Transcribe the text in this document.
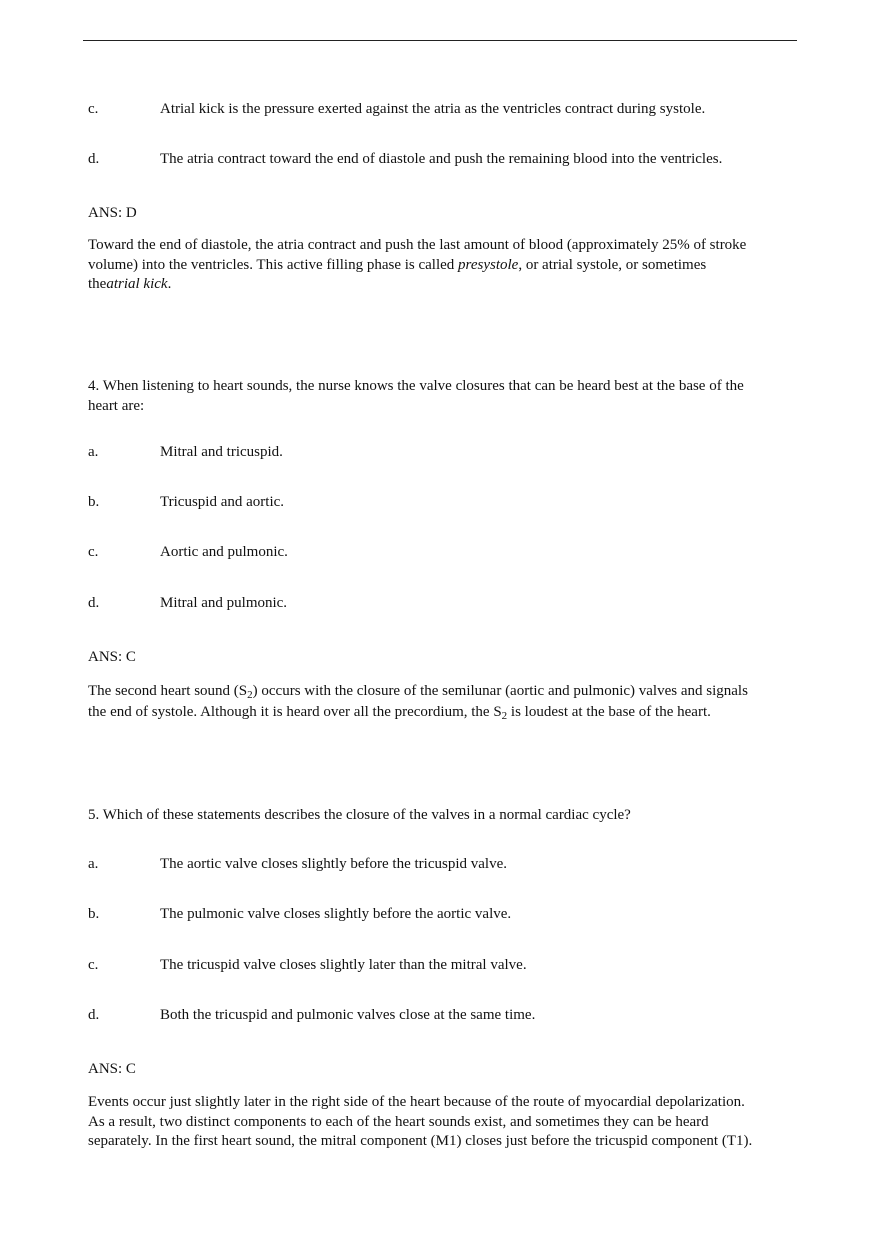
c.	Atrial kick is the pressure exerted against the atria as the ventricles contract during systole.
d.	The atria contract toward the end of diastole and push the remaining blood into the ventricles.
ANS: D
Toward the end of diastole, the atria contract and push the last amount of blood (approximately 25% of stroke
volume) into the ventricles. This active filling phase is called presystole, or atrial systole, or sometimes
theatrial kick.
4. When listening to heart sounds, the nurse knows the valve closures that can be heard best at the base of the
heart are:
a.	Mitral and tricuspid.
b.	Tricuspid and aortic.
c.	Aortic and pulmonic.
d.	Mitral and pulmonic.
ANS: C
The second heart sound $(S_2)$ occurs with the closure of the semilunar (aortic and pulmonic) valves and signals
the end of systole. Although it is heard over all the precordium, the $S_2$ is loudest at the base of the heart.
5. Which of these statements describes the closure of the valves in a normal cardiac cycle?
a.	The aortic valve closes slightly before the tricuspid valve.
b.	The pulmonic valve closes slightly before the aortic valve.
c.	The tricuspid valve closes slightly later than the mitral valve.
d.	Both the tricuspid and pulmonic valves close at the same time.
ANS: C
Events occur just slightly later in the right side of the heart because of the route of myocardial depolarization.
As a result, two distinct components to each of the heart sounds exist, and sometimes they can be heard
separately. In the first heart sound, the mitral component (M1) closes just before the tricuspid component (T1).
